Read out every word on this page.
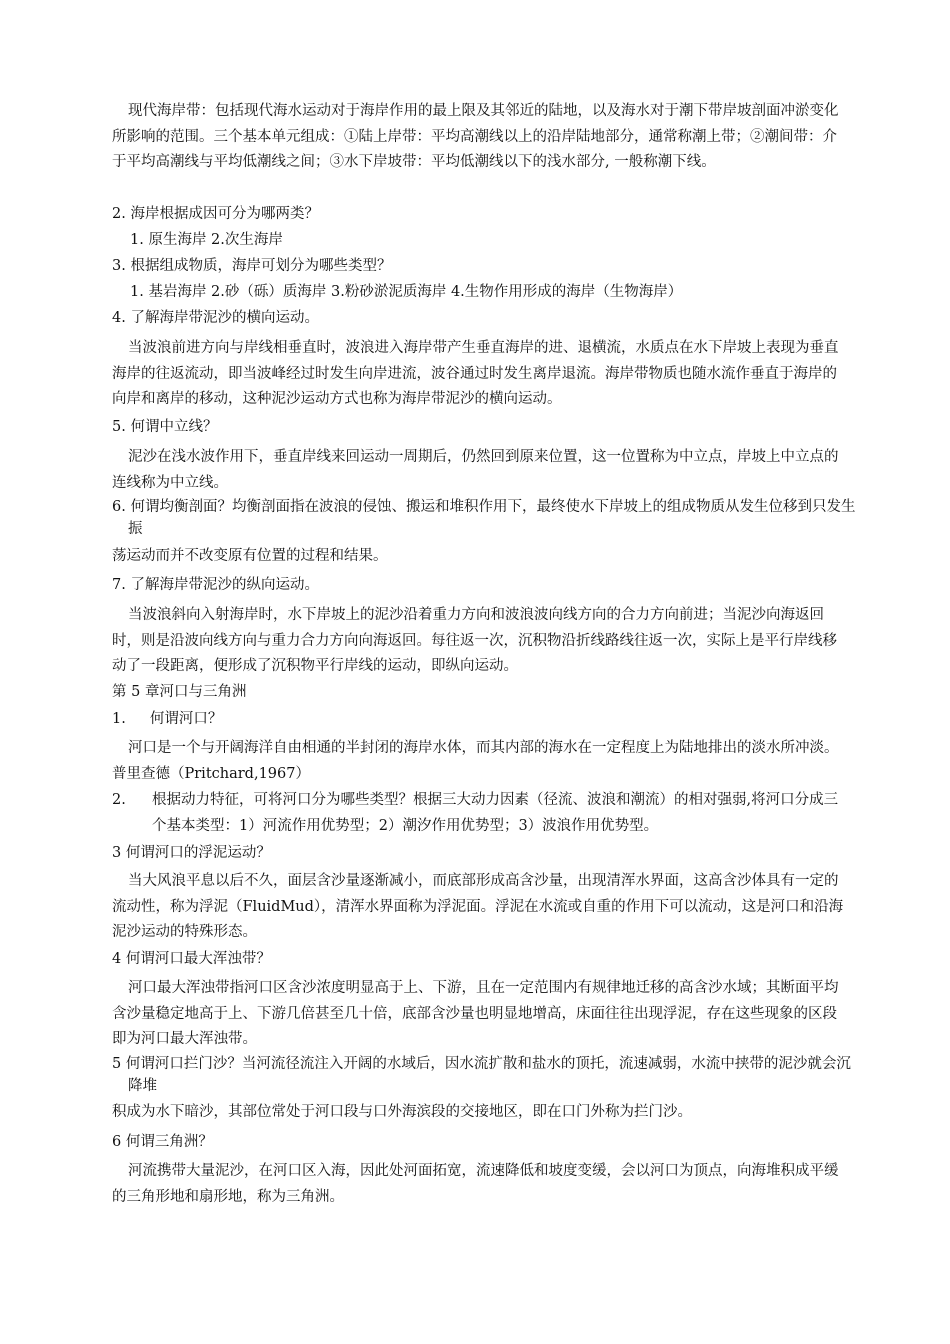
现代海岸带：包括现代海水运动对于海岸作用的最上限及其邻近的陆地，以及海水对于潮下带岸坡剖面冲淤变化所影响的范围。三个基本单元组成：①陆上岸带：平均高潮线以上的沿岸陆地部分，通常称潮上带；②潮间带：介于平均高潮线与平均低潮线之间；③水下岸坡带：平均低潮线以下的浅水部分, 一般称潮下线。

2. 海岸根据成因可分为哪两类？

1. 原生海岸 2.次生海岸

3. 根据组成物质，海岸可划分为哪些类型？

1. 基岩海岸 2.砂（砾）质海岸 3.粉砂淤泥质海岸 4.生物作用形成的海岸（生物海岸）

4. 了解海岸带泥沙的横向运动。

当波浪前进方向与岸线相垂直时，波浪进入海岸带产生垂直海岸的进、退横流，水质点在水下岸坡上表现为垂直海岸的往返流动，即当波峰经过时发生向岸进流，波谷通过时发生离岸退流。海岸带物质也随水流作垂直于海岸的向岸和离岸的移动，这种泥沙运动方式也称为海岸带泥沙的横向运动。

5. 何谓中立线？

泥沙在浅水波作用下，垂直岸线来回运动一周期后，仍然回到原来位置，这一位置称为中立点，岸坡上中立点的连线称为中立线。

6. 何谓均衡剖面？均衡剖面指在波浪的侵蚀、搬运和堆积作用下，最终使水下岸坡上的组成物质从发生位移到只发生振

荡运动而并不改变原有位置的过程和结果。

7. 了解海岸带泥沙的纵向运动。

当波浪斜向入射海岸时，水下岸坡上的泥沙沿着重力方向和波浪波向线方向的合力方向前进；当泥沙向海返回时，则是沿波向线方向与重力合力方向向海返回。每往返一次，沉积物沿折线路线往返一次，实际上是平行岸线移动了一段距离，便形成了沉积物平行岸线的运动，即纵向运动。

第 5 章河口与三角洲

1. 何谓河口？

河口是一个与开阔海洋自由相通的半封闭的海岸水体，而其内部的海水在一定程度上为陆地排出的淡水所冲淡。普里查德（Pritchard,1967）

2.	根据动力特征，可将河口分为哪些类型？根据三大动力因素（径流、波浪和潮流）的相对强弱,将河口分成三个基本类型：1）河流作用优势型；2）潮汐作用优势型；3）波浪作用优势型。

3 何谓河口的浮泥运动？

当大风浪平息以后不久，面层含沙量逐渐减小，而底部形成高含沙量，出现清浑水界面，这高含沙体具有一定的流动性，称为浮泥（FluidMud），清浑水界面称为浮泥面。浮泥在水流或自重的作用下可以流动，这是河口和沿海泥沙运动的特殊形态。

4 何谓河口最大浑浊带？

河口最大浑浊带指河口区含沙浓度明显高于上、下游，且在一定范围内有规律地迁移的高含沙水域；其断面平均含沙量稳定地高于上、下游几倍甚至几十倍，底部含沙量也明显地增高，床面往往出现浮泥，存在这些现象的区段即为河口最大浑浊带。

5 何谓河口拦门沙？当河流径流注入开阔的水域后，因水流扩散和盐水的顶托，流速减弱，水流中挟带的泥沙就会沉降堆

积成为水下暗沙，其部位常处于河口段与口外海滨段的交接地区，即在口门外称为拦门沙。

6 何谓三角洲？

河流携带大量泥沙，在河口区入海，因此处河面拓宽，流速降低和坡度变缓，会以河口为顶点，向海堆积成平缓的三角形地和扇形地，称为三角洲。
